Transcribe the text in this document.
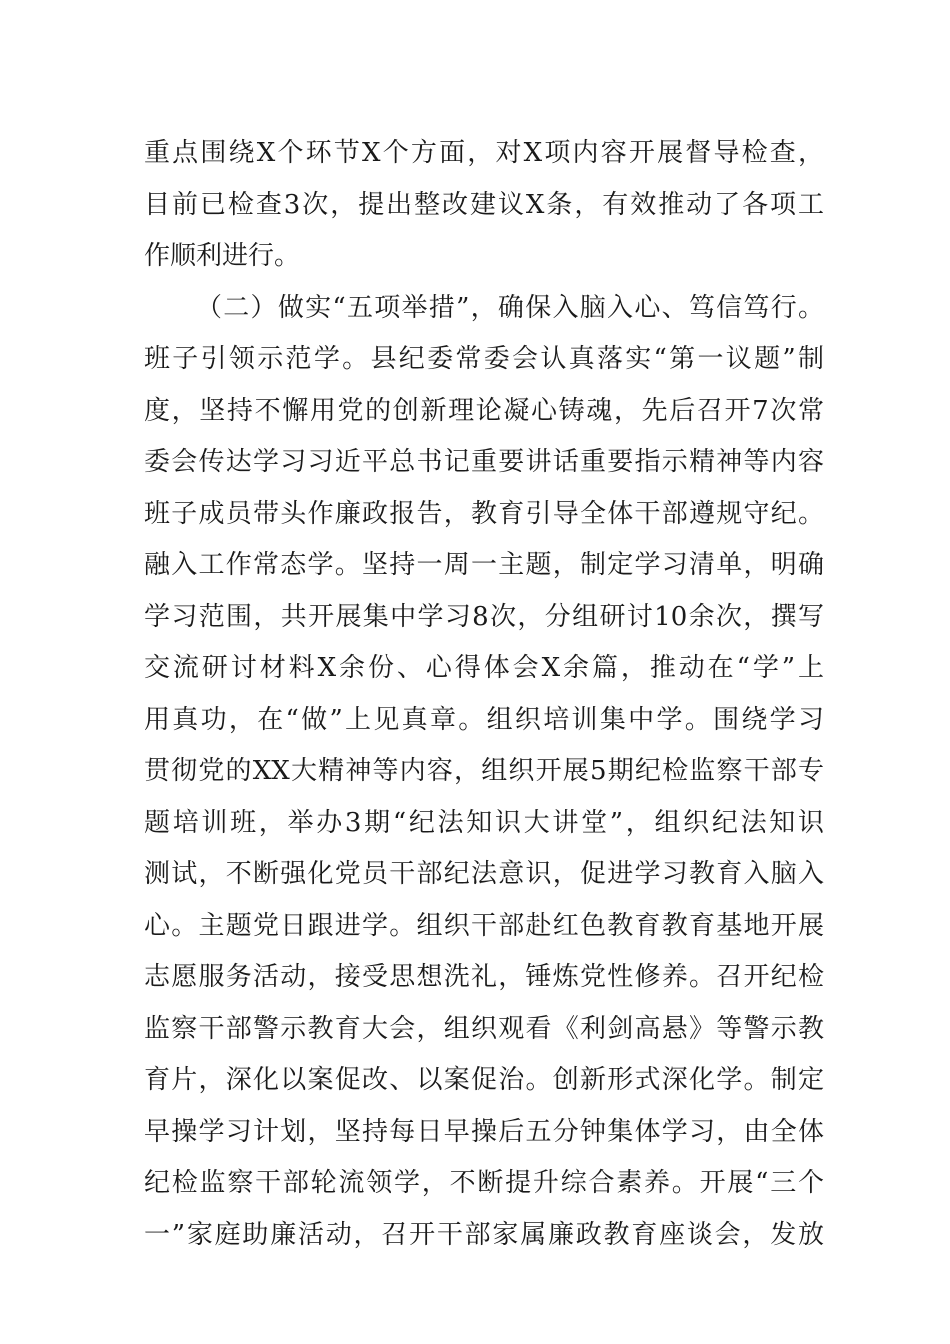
重点围绕X个环节X个方面，对X项内容开展督导检查，
目前已检查3次，提出整改建议X条，有效推动了各项工
作顺利进行。
（二）做实“五项举措”，确保入脑入心、笃信笃行。
班子引领示范学。县纪委常委会认真落实“第一议题”制
度，坚持不懈用党的创新理论凝心铸魂，先后召开7次常
委会传达学习习近平总书记重要讲话重要指示精神等内容
班子成员带头作廉政报告，教育引导全体干部遵规守纪。
融入工作常态学。坚持一周一主题，制定学习清单，明确
学习范围，共开展集中学习8次，分组研讨10余次，撰写
交流研讨材料X余份、心得体会X余篇，推动在“学”上
用真功，在“做”上见真章。组织培训集中学。围绕学习
贯彻党的XX大精神等内容，组织开展5期纪检监察干部专
题培训班，举办3期“纪法知识大讲堂”，组织纪法知识
测试，不断强化党员干部纪法意识，促进学习教育入脑入
心。主题党日跟进学。组织干部赴红色教育教育基地开展
志愿服务活动，接受思想洗礼，锤炼党性修养。召开纪检
监察干部警示教育大会，组织观看《利剑高悬》等警示教
育片，深化以案促改、以案促治。创新形式深化学。制定
早操学习计划，坚持每日早操后五分钟集体学习，由全体
纪检监察干部轮流领学，不断提升综合素养。开展“三个
一”家庭助廉活动，召开干部家属廉政教育座谈会，发放
